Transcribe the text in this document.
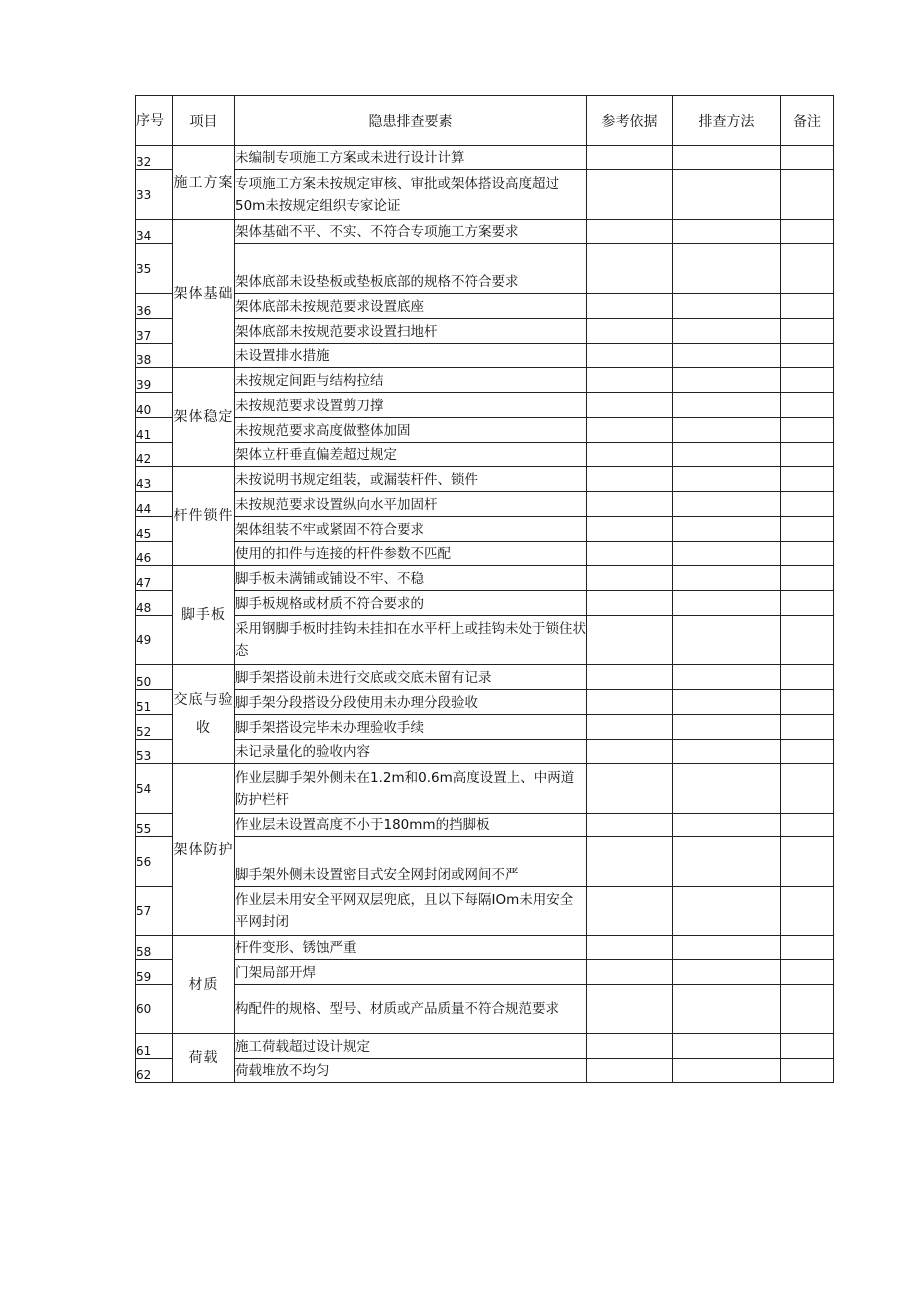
序号	项目	隐患排查要素	参考依据	排查方法	备注
32	施工方案	未编制专项施工方案或未进行设计计算			
33		专项施工方案未按规定审核、审批或架体搭设高度超过50m未按规定组织专家论证			
34	架体基础	架体基础不平、不实、不符合专项施工方案要求			
35		架体底部未设垫板或垫板底部的规格不符合要求			
36		架体底部未按规范要求设置底座			
37		架体底部未按规范要求设置扫地杆			
38		未设置排水措施			
39	架体稳定	未按规定间距与结构拉结			
40		未按规范要求设置剪刀撑			
41		未按规范要求高度做整体加固			
42		架体立杆垂直偏差超过规定			
43	杆件锁件	未按说明书规定组装，或漏装杆件、锁件			
44		未按规范要求设置纵向水平加固杆			
45		架体组装不牢或紧固不符合要求			
46		使用的扣件与连接的杆件参数不匹配			
47	脚手板	脚手板未满铺或铺设不牢、不稳			
48		脚手板规格或材质不符合要求的			
49		采用钢脚手板时挂钩未挂扣在水平杆上或挂钩未处于锁住状态			
50	交底与验收	脚手架搭设前未进行交底或交底未留有记录			
51		脚手架分段搭设分段使用未办理分段验收			
52		脚手架搭设完毕未办理验收手续			
53		未记录量化的验收内容			
54	架体防护	作业层脚手架外侧未在1.2m和0.6m高度设置上、中两道防护栏杆			
55		作业层未设置高度不小于180mm的挡脚板			
56		脚手架外侧未设置密目式安全网封闭或网间不严			
57		作业层未用安全平网双层兜底，且以下每隔IOm未用安全平网封闭			
58	材质	杆件变形、锈蚀严重			
59		门架局部开焊			
60		构配件的规格、型号、材质或产品质量不符合规范要求			
61	荷载	施工荷载超过设计规定			
62		荷载堆放不均匀			
